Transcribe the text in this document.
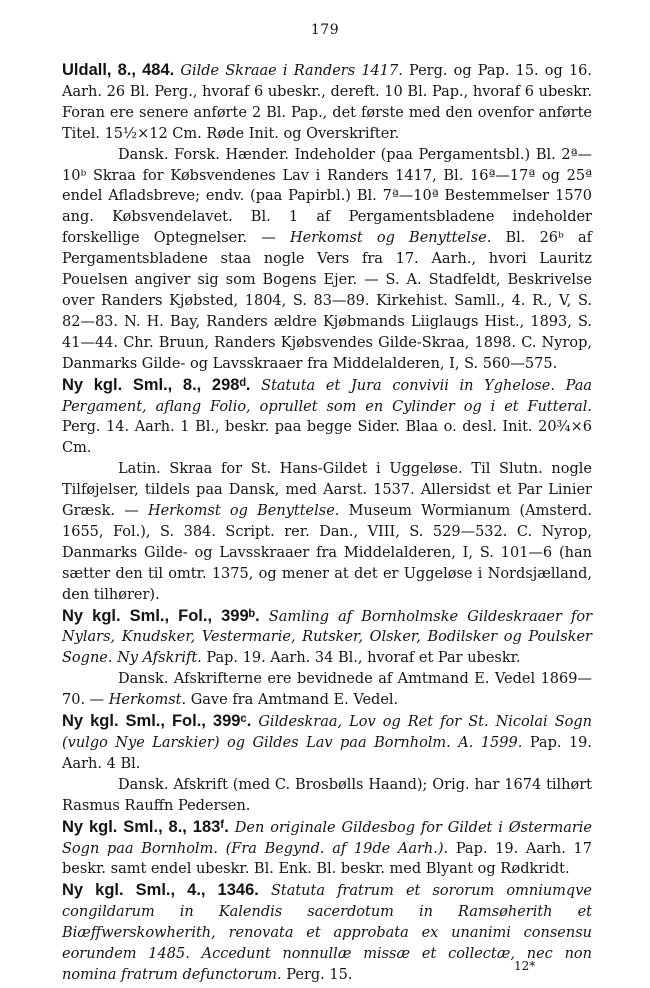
179

Uldall, 8., 484. Gilde Skraae i Randers 1417. Perg. og Pap. 15. og 16. Aarh. 26 Bl. Perg., hvoraf 6 ubeskr., dereft. 10 Bl. Pap., hvoraf 6 ubeskr. Foran ere senere anførte 2 Bl. Pap., det første med den ovenfor anførte Titel. 15½×12 Cm. Røde Init. og Overskrifter.

Dansk. Forsk. Hænder. Indeholder (paa Pergamentsbl.) Bl. 2ª—10ᵇ Skraa for Købsvendenes Lav i Randers 1417, Bl. 16ª—17ª og 25ª endel Afladsbreve; endv. (paa Papirbl.) Bl. 7ª—10ª Bestemmelser 1570 ang. Købsvendelavet. Bl. 1 af Pergamentsbladene indeholder forskellige Optegnelser. — Herkomst og Benyttelse. Bl. 26ᵇ af Pergamentsbladene staa nogle Vers fra 17. Aarh., hvori Lauritz Pouelsen angiver sig som Bogens Ejer. — S. A. Stadfeldt, Beskrivelse over Randers Kjøbsted, 1804, S. 83—89. Kirkehist. Samll., 4. R., V, S. 82—83. N. H. Bay, Randers ældre Kjøbmands Liiglaugs Hist., 1893, S. 41—44. Chr. Bruun, Randers Kjøbsvendes Gilde-Skraa, 1898. C. Nyrop, Danmarks Gilde- og Lavsskraaer fra Middelalderen, I, S. 560—575.

Ny kgl. Sml., 8., 298ᵈ. Statuta et Jura convivii in Yghelose. Paa Pergament, aflang Folio, oprullet som en Cylinder og i et Futteral. Perg. 14. Aarh. 1 Bl., beskr. paa begge Sider. Blaa o. desl. Init. 20¾×6 Cm.

Latin. Skraa for St. Hans-Gildet i Uggeløse. Til Slutn. nogle Tilføjelser, tildels paa Dansk, med Aarst. 1537. Allersidst et Par Linier Græsk. — Herkomst og Benyttelse. Museum Wormianum (Amsterd. 1655, Fol.), S. 384. Script. rer. Dan., VIII, S. 529—532. C. Nyrop, Danmarks Gilde- og Lavsskraaer fra Middelalderen, I, S. 101—6 (han sætter den til omtr. 1375, og mener at det er Uggeløse i Nordsjælland, den tilhører).

Ny kgl. Sml., Fol., 399ᵇ. Samling af Bornholmske Gildeskraaer for Nylars, Knudsker, Vestermarie, Rutsker, Olsker, Bodilsker og Poulsker Sogne. Ny Afskrift. Pap. 19. Aarh. 34 Bl., hvoraf et Par ubeskr.

Dansk. Afskrifterne ere bevidnede af Amtmand E. Vedel 1869—70. — Herkomst. Gave fra Amtmand E. Vedel.

Ny kgl. Sml., Fol., 399ᶜ. Gildeskraa, Lov og Ret for St. Nicolai Sogn (vulgo Nye Larskier) og Gildes Lav paa Bornholm. A. 1599. Pap. 19. Aarh. 4 Bl.

Dansk. Afskrift (med C. Brosbølls Haand); Orig. har 1674 tilhørt Rasmus Rauffn Pedersen.

Ny kgl. Sml., 8., 183ᶠ. Den originale Gildesbog for Gildet i Østermarie Sogn paa Bornholm. (Fra Begynd. af 19de Aarh.). Pap. 19. Aarh. 17 beskr. samt endel ubeskr. Bl. Enk. Bl. beskr. med Blyant og Rødkridt.

Ny kgl. Sml., 4., 1346. Statuta fratrum et sororum omniumqve congildarum in Kalendis sacerdotum in Ramsøherith et Biæffwerskowherith, renovata et approbata ex unanimi consensu eorundem 1485. Accedunt nonnullæ missæ et collectæ, nec non nomina fratrum defunctorum. Perg. 15.

12*
